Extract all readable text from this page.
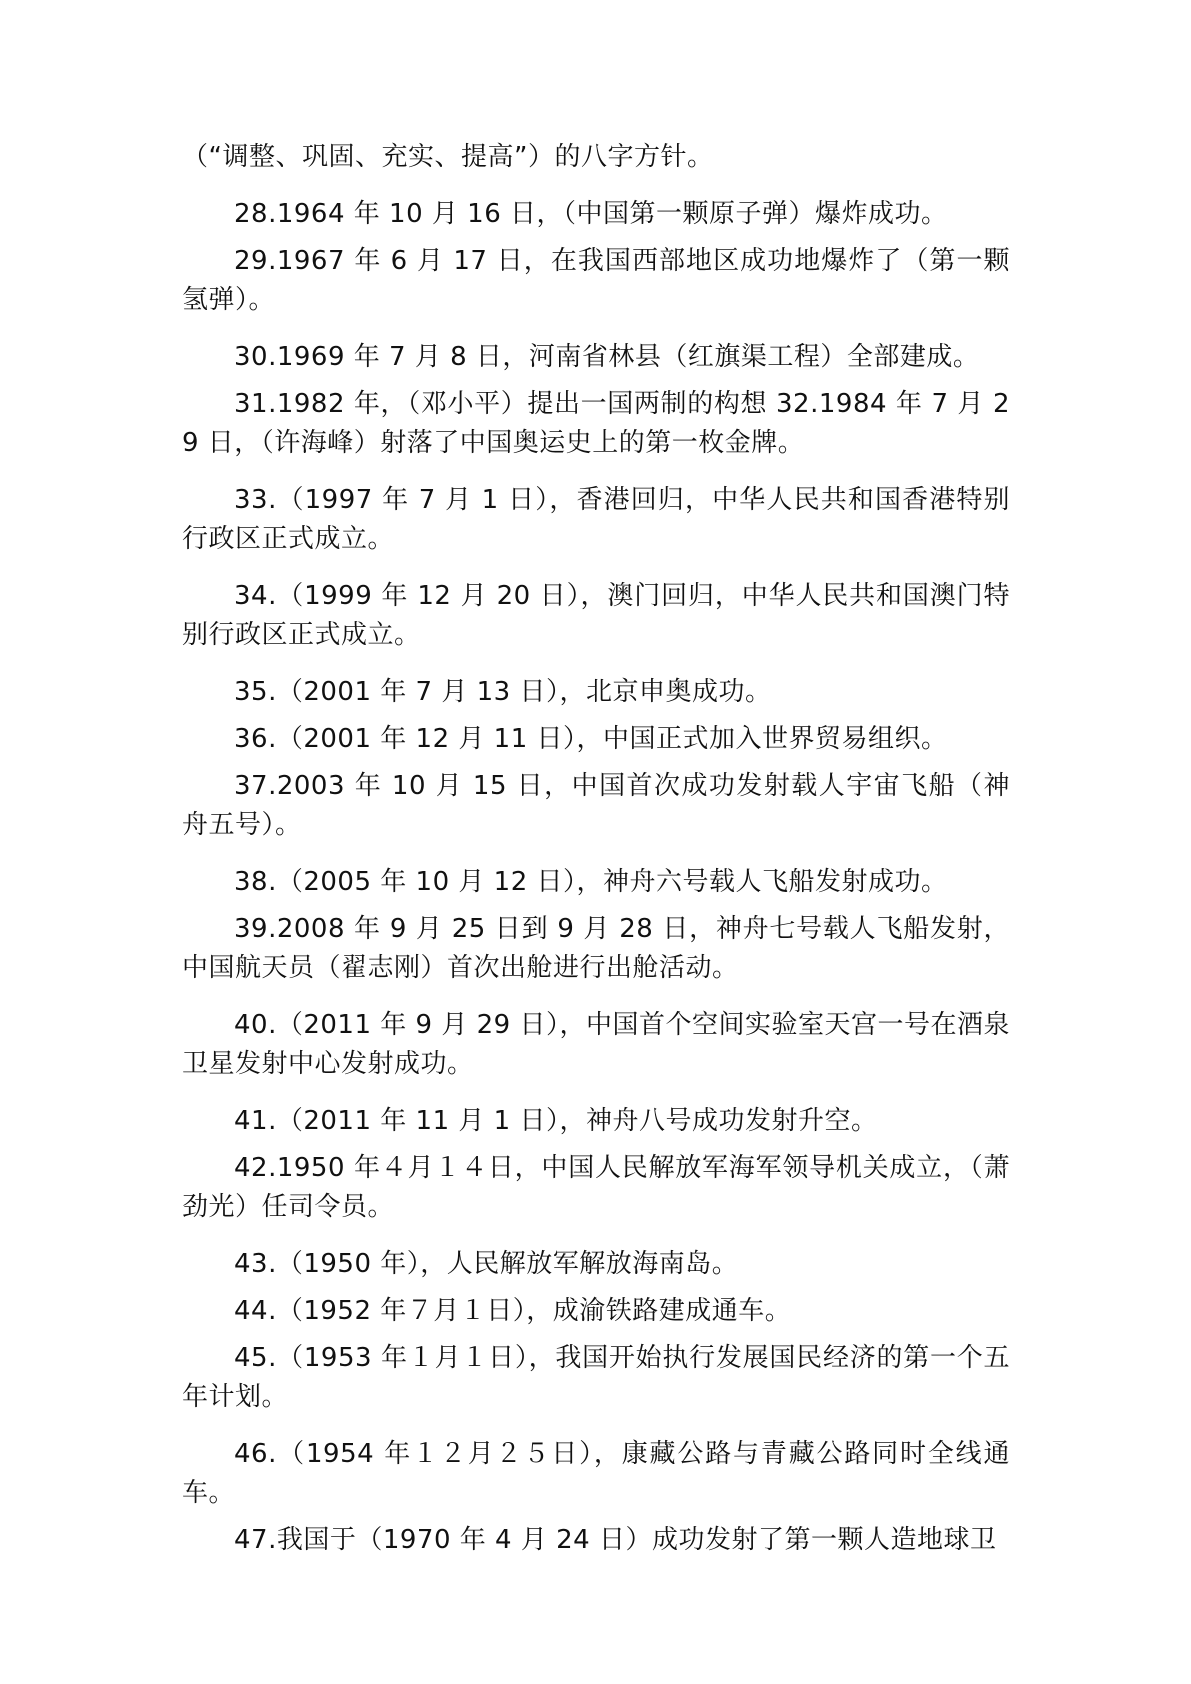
（“调整、巩固、充实、提高”）的八字方针。

28.1964 年 10 月 16 日，（中国第一颗原子弹）爆炸成功。

29.1967 年 6 月 17 日，在我国西部地区成功地爆炸了（第一颗氢弹）。

30.1969 年 7 月 8 日，河南省林县（红旗渠工程）全部建成。

31.1982 年，（邓小平）提出一国两制的构想 32.1984 年 7 月 29 日，（许海峰）射落了中国奥运史上的第一枚金牌。

33.（1997 年 7 月 1 日），香港回归，中华人民共和国香港特别行政区正式成立。

34.（1999 年 12 月 20 日），澳门回归，中华人民共和国澳门特别行政区正式成立。

35.（2001 年 7 月 13 日），北京申奥成功。

36.（2001 年 12 月 11 日），中国正式加入世界贸易组织。

37.2003 年 10 月 15 日，中国首次成功发射载人宇宙飞船（神舟五号）。

38.（2005 年 10 月 12 日），神舟六号载人飞船发射成功。

39.2008 年 9 月 25 日到 9 月 28 日，神舟七号载人飞船发射，中国航天员（翟志刚）首次出舱进行出舱活动。

40.（2011 年 9 月 29 日），中国首个空间实验室天宫一号在酒泉卫星发射中心发射成功。

41.（2011 年 11 月 1 日），神舟八号成功发射升空。

42.1950 年４月１４日，中国人民解放军海军领导机关成立，（萧劲光）任司令员。

43.（1950 年），人民解放军解放海南岛。

44.（1952 年７月１日），成渝铁路建成通车。

45.（1953 年１月１日），我国开始执行发展国民经济的第一个五年计划。

46.（1954 年１２月２５日），康藏公路与青藏公路同时全线通车。

47.我国于（1970 年 4 月 24 日）成功发射了第一颗人造地球卫
